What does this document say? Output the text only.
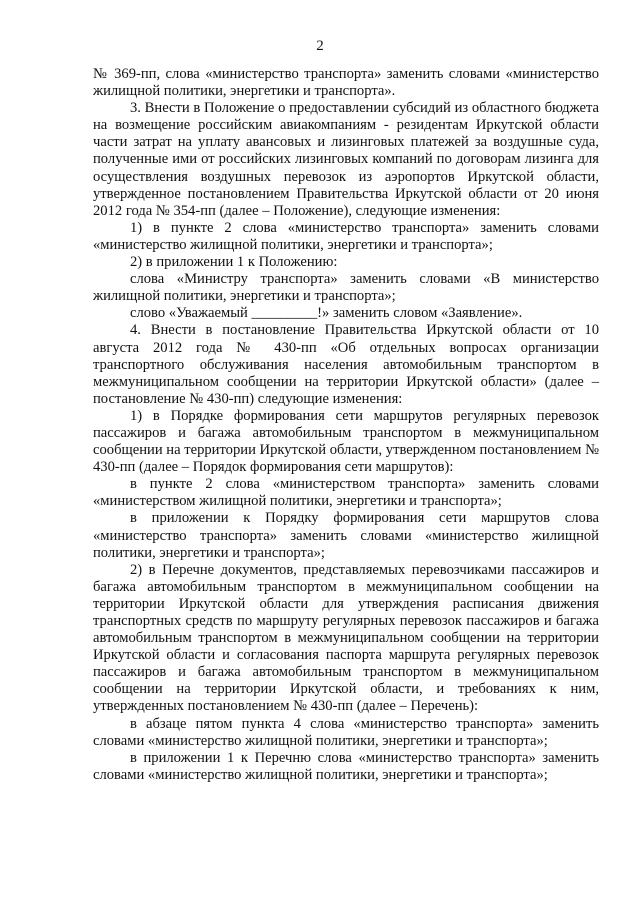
2

№ 369-пп, слова «министерство транспорта» заменить словами «министерство жилищной политики, энергетики и транспорта».

3. Внести в Положение о предоставлении субсидий из областного бюджета на возмещение российским авиакомпаниям - резидентам Иркутской области части затрат на уплату авансовых и лизинговых платежей за воздушные суда, полученные ими от российских лизинговых компаний по договорам лизинга для осуществления воздушных перевозок из аэропортов Иркутской области, утвержденное постановлением Правительства Иркутской области от 20 июня 2012 года № 354-пп (далее – Положение), следующие изменения:

1) в пункте 2 слова «министерство транспорта» заменить словами «министерство жилищной политики, энергетики и транспорта»;

2) в приложении 1 к Положению:

слова «Министру транспорта» заменить словами «В министерство жилищной политики, энергетики и транспорта»;

слово «Уважаемый _________!» заменить словом «Заявление».

4. Внести в постановление Правительства Иркутской области от 10 августа 2012 года № 430-пп «Об отдельных вопросах организации транспортного обслуживания населения автомобильным транспортом в межмуниципальном сообщении на территории Иркутской области» (далее – постановление № 430-пп) следующие изменения:

1) в Порядке формирования сети маршрутов регулярных перевозок пассажиров и багажа автомобильным транспортом в межмуниципальном сообщении на территории Иркутской области, утвержденном постановлением № 430-пп (далее – Порядок формирования сети маршрутов):

в пункте 2 слова «министерством транспорта» заменить словами «министерством жилищной политики, энергетики и транспорта»;

в приложении к Порядку формирования сети маршрутов слова «министерство транспорта» заменить словами «министерство жилищной политики, энергетики и транспорта»;

2) в Перечне документов, представляемых перевозчиками пассажиров и багажа автомобильным транспортом в межмуниципальном сообщении на территории Иркутской области для утверждения расписания движения транспортных средств по маршруту регулярных перевозок пассажиров и багажа автомобильным транспортом в межмуниципальном сообщении на территории Иркутской области и согласования паспорта маршрута регулярных перевозок пассажиров и багажа автомобильным транспортом в межмуниципальном сообщении на территории Иркутской области, и требованиях к ним, утвержденных постановлением № 430-пп (далее – Перечень):

в абзаце пятом пункта 4 слова «министерство транспорта» заменить словами «министерство жилищной политики, энергетики и транспорта»;

в приложении 1 к Перечню слова «министерство транспорта» заменить словами «министерство жилищной политики, энергетики и транспорта»;
